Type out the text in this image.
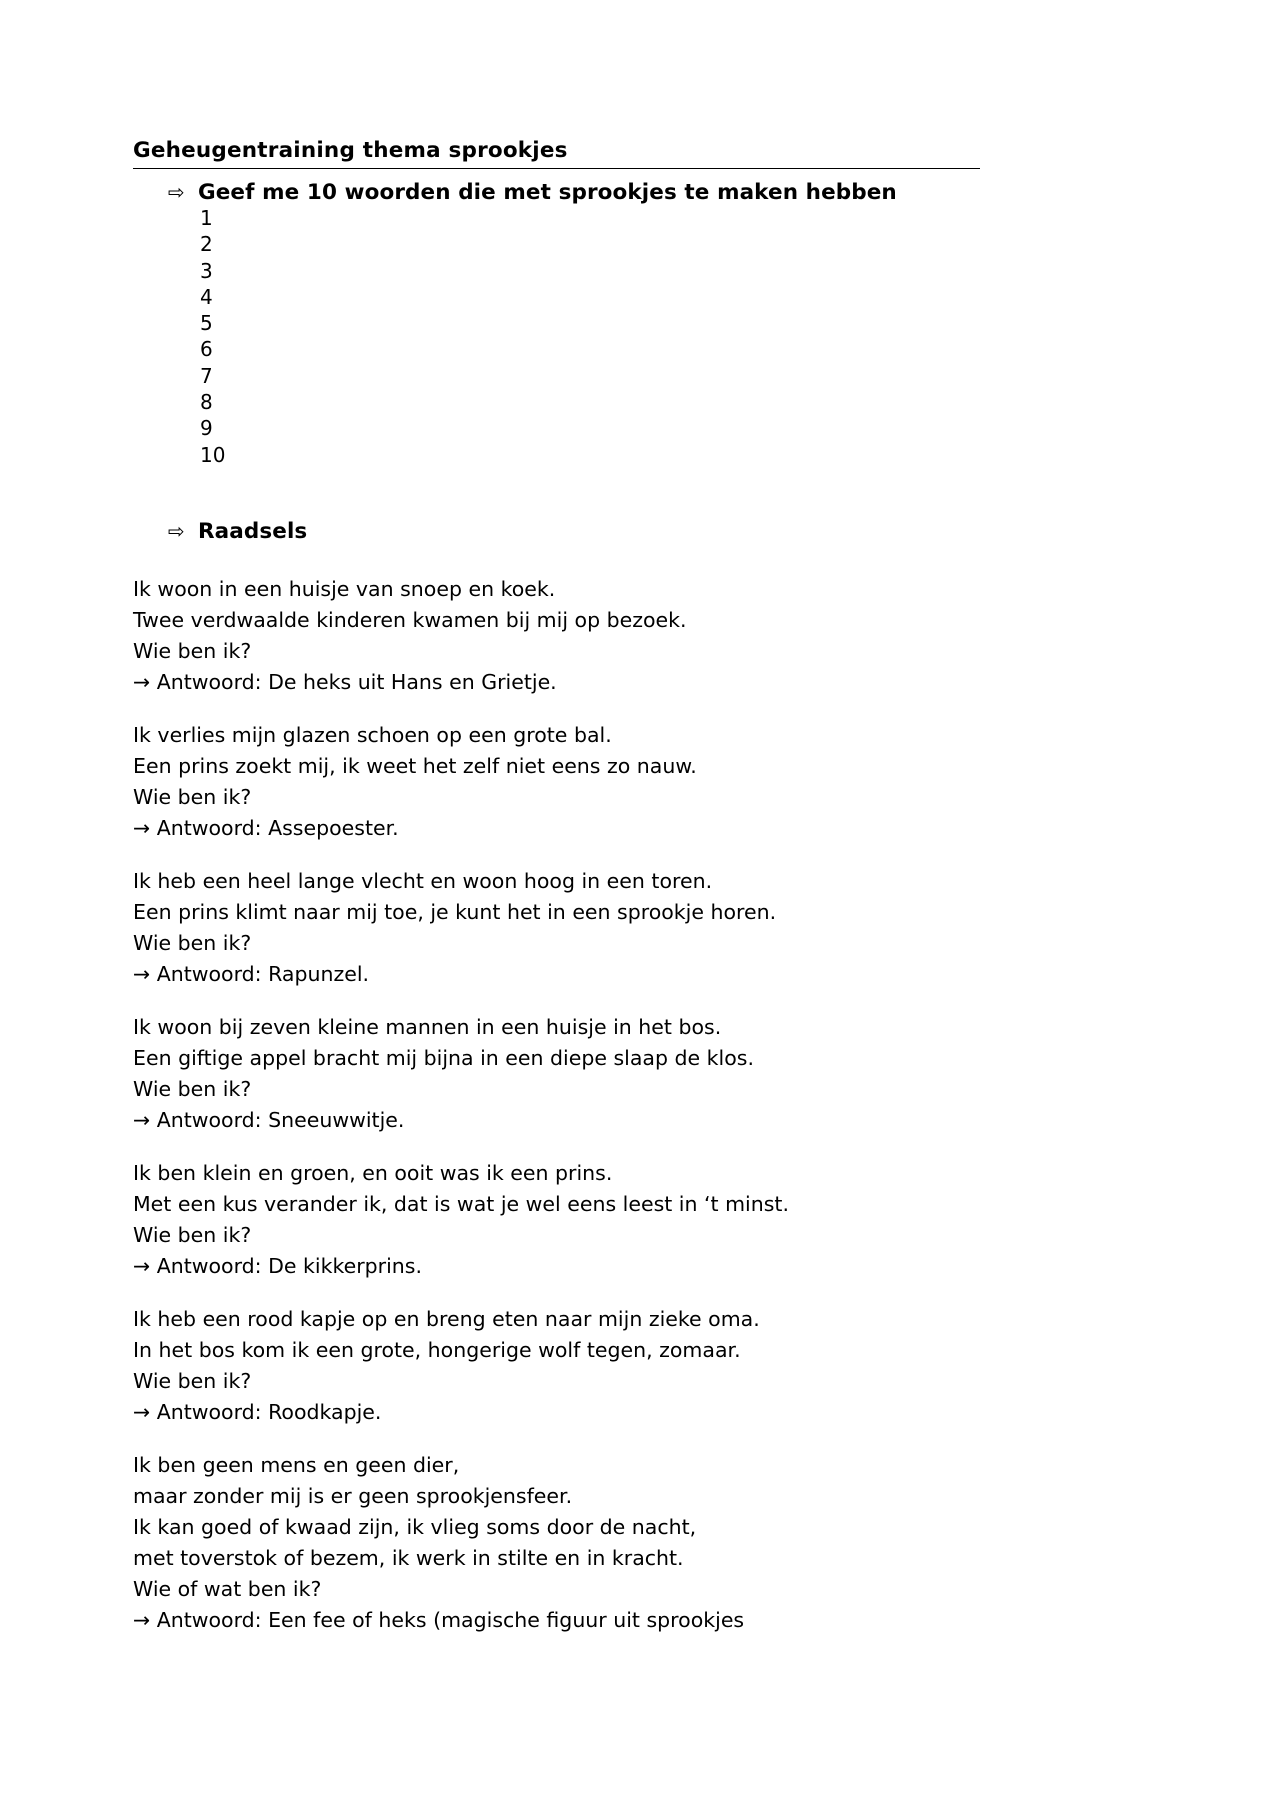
Geheugentraining thema sprookjes
⇨ Geef me 10 woorden die met sprookjes te maken hebben
1
2
3
4
5
6
7
8
9
10
⇨ Raadsels

Ik woon in een huisje van snoep en koek.

Twee verdwaalde kinderen kwamen bij mij op bezoek.

Wie ben ik?

→ Antwoord: De heks uit Hans en Grietje.

Ik verlies mijn glazen schoen op een grote bal.

Een prins zoekt mij, ik weet het zelf niet eens zo nauw.

Wie ben ik?

→ Antwoord: Assepoester.

Ik heb een heel lange vlecht en woon hoog in een toren.

Een prins klimt naar mij toe, je kunt het in een sprookje horen.

Wie ben ik?

→ Antwoord: Rapunzel.

Ik woon bij zeven kleine mannen in een huisje in het bos.

Een giftige appel bracht mij bijna in een diepe slaap de klos.

Wie ben ik?

→ Antwoord: Sneeuwwitje.

Ik ben klein en groen, en ooit was ik een prins.

Met een kus verander ik, dat is wat je wel eens leest in ‘t minst.

Wie ben ik?

→ Antwoord: De kikkerprins.

Ik heb een rood kapje op en breng eten naar mijn zieke oma.

In het bos kom ik een grote, hongerige wolf tegen, zomaar.

Wie ben ik?

→ Antwoord: Roodkapje.

Ik ben geen mens en geen dier,

maar zonder mij is er geen sprookjensfeer.

Ik kan goed of kwaad zijn, ik vlieg soms door de nacht,

met toverstok of bezem, ik werk in stilte en in kracht.

Wie of wat ben ik?

→ Antwoord: Een fee of heks (magische figuur uit sprookjes
